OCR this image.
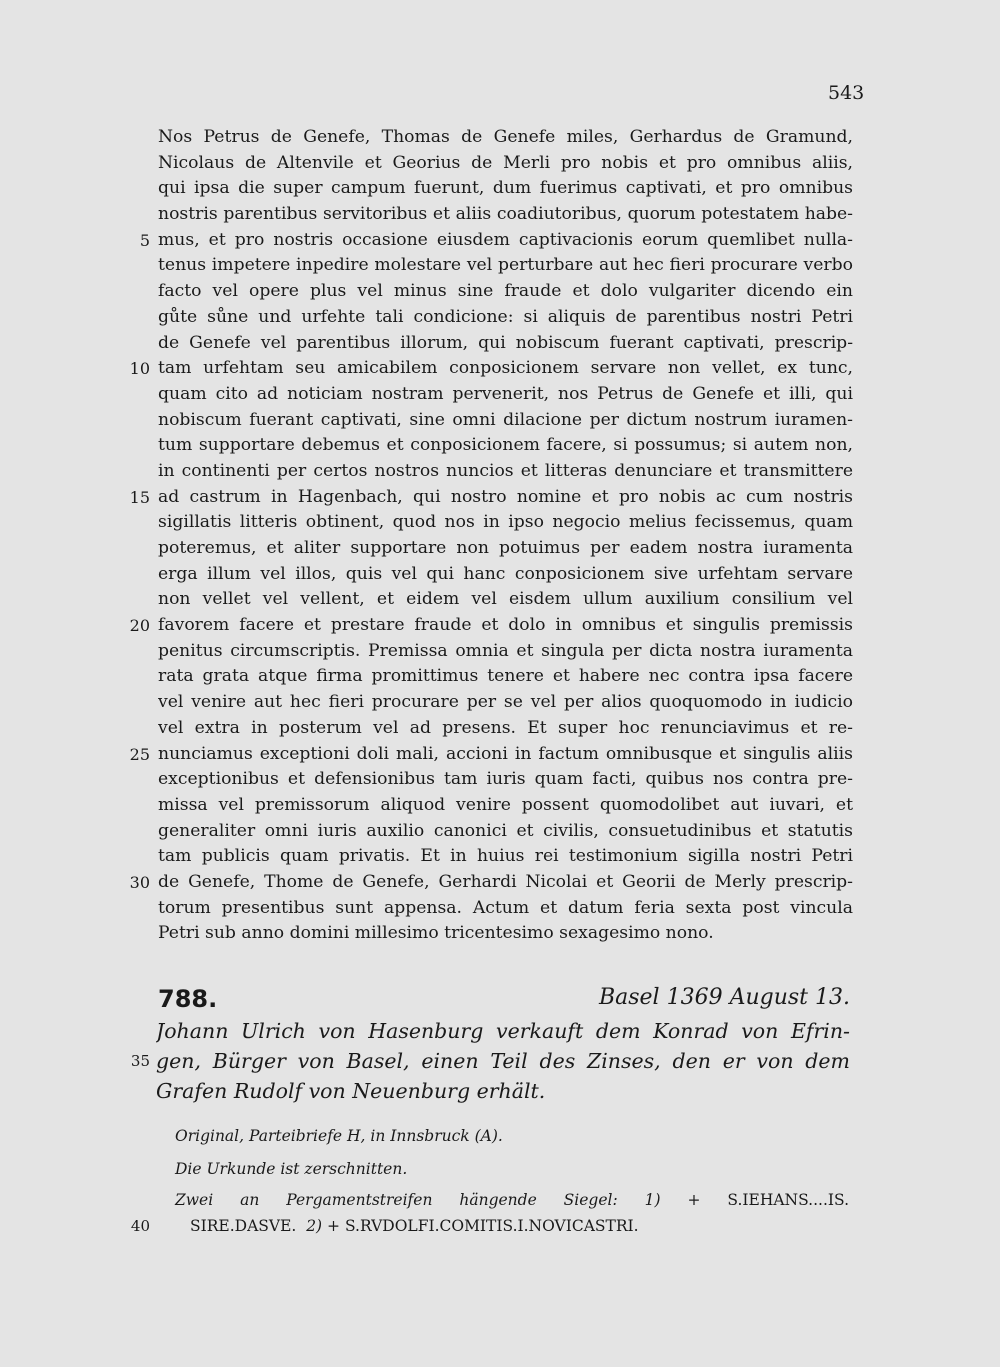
543
Nos Petrus de Genefe, Thomas de Genefe miles, Gerhardus de Gramund,
Nicolaus de Altenvile et Georius de Merli pro nobis et pro omnibus aliis,
qui ipsa die super campum fuerunt, dum fuerimus captivati, et pro omnibus
nostris parentibus servitoribus et aliis coadiutoribus, quorum potestatem habe-
5 mus, et pro nostris occasione eiusdem captivacionis eorum quemlibet nulla-
tenus impetere inpedire molestare vel perturbare aut hec fieri procurare verbo
facto vel opere plus vel minus sine fraude et dolo vulgariter dicendo ein
gůte sůne und urfehte tali condicione: si aliquis de parentibus nostri Petri
de Genefe vel parentibus illorum, qui nobiscum fuerant captivati, prescrip-
10 tam urfehtam seu amicabilem conposicionem servare non vellet, ex tunc,
quam cito ad noticiam nostram pervenerit, nos Petrus de Genefe et illi, qui
nobiscum fuerant captivati, sine omni dilacione per dictum nostrum iuramen-
tum supportare debemus et conposicionem facere, si possumus; si autem non,
in continenti per certos nostros nuncios et litteras denunciare et transmittere
15 ad castrum in Hagenbach, qui nostro nomine et pro nobis ac cum nostris
sigillatis litteris obtinent, quod nos in ipso negocio melius fecissemus, quam
poteremus, et aliter supportare non potuimus per eadem nostra iuramenta
erga illum vel illos, quis vel qui hanc conposicionem sive urfehtam servare
non vellet vel vellent, et eidem vel eisdem ullum auxilium consilium vel
20 favorem facere et prestare fraude et dolo in omnibus et singulis premissis
penitus circumscriptis. Premissa omnia et singula per dicta nostra iuramenta
rata grata atque firma promittimus tenere et habere nec contra ipsa facere
vel venire aut hec fieri procurare per se vel per alios quoquomodo in iudicio
vel extra in posterum vel ad presens. Et super hoc renunciavimus et re-
25 nunciamus exceptioni doli mali, accioni in factum omnibusque et singulis aliis
exceptionibus et defensionibus tam iuris quam facti, quibus nos contra pre-
missa vel premissorum aliquod venire possent quomodolibet aut iuvari, et
generaliter omni iuris auxilio canonici et civilis, consuetudinibus et statutis
tam publicis quam privatis. Et in huius rei testimonium sigilla nostri Petri
30 de Genefe, Thome de Genefe, Gerhardi Nicolai et Georii de Merly prescrip-
torum presentibus sunt appensa. Actum et datum feria sexta post vincula
Petri sub anno domini millesimo tricentesimo sexagesimo nono.
788.	Basel 1369 August 13.
Johann Ulrich von Hasenburg verkauft dem Konrad von Efrin-
35 gen, Bürger von Basel, einen Teil des Zinses, den er von dem
Grafen Rudolf von Neuenburg erhält.
Original, Parteibriefe H, in Innsbruck (A).
Die Urkunde ist zerschnitten.
Zwei an Pergamentstreifen hängende Siegel: 1) + S.IEHANS....IS.
40	SIRE.DASVE. 2) + S.RVDOLFI.COMITIS.I.NOVICASTRI.
